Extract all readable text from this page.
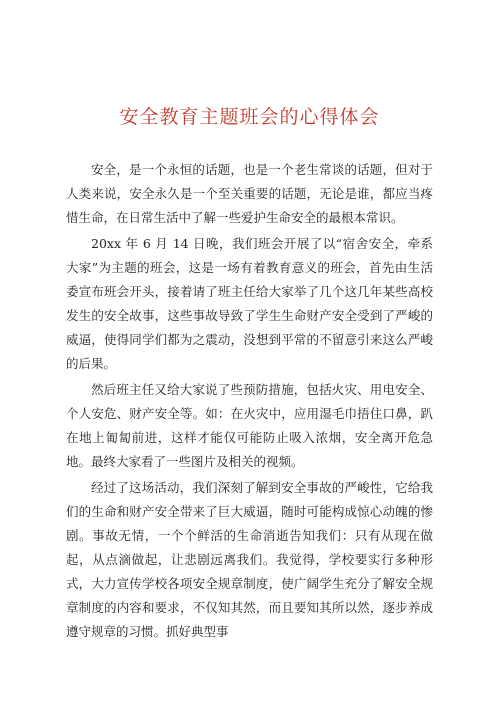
安全教育主题班会的心得体会

安全，是一个永恒的话题，也是一个老生常谈的话题，但对于人类来说，安全永久是一个至关重要的话题，无论是谁，都应当疼惜生命，在日常生活中了解一些爱护生命安全的最根本常识。

20xx 年 6 月 14 日晚，我们班会开展了以“宿舍安全，牵系大家”为主题的班会，这是一场有着教育意义的班会，首先由生活委宣布班会开头，接着请了班主任给大家举了几个这几年某些高校发生的安全故事，这些事故导致了学生生命财产安全受到了严峻的威逼，使得同学们都为之震动，没想到平常的不留意引来这么严峻的后果。

然后班主任又给大家说了些预防措施，包括火灾、用电安全、个人安危、财产安全等。如：在火灾中，应用湿毛巾捂住口鼻，趴在地上匍匐前进，这样才能仅可能防止吸入浓烟，安全离开危急地。最终大家看了一些图片及相关的视频。

经过了这场活动，我们深刻了解到安全事故的严峻性，它给我们的生命和财产安全带来了巨大威逼，随时可能构成惊心动魄的惨剧。事故无情，一个个鲜活的生命消逝告知我们：只有从现在做起，从点滴做起，让悲剧远离我们。我觉得，学校要实行多种形式，大力宣传学校各项安全规章制度，使广阔学生充分了解安全规章制度的内容和要求，不仅知其然，而且要知其所以然，逐步养成遵守规章的习惯。抓好典型事
